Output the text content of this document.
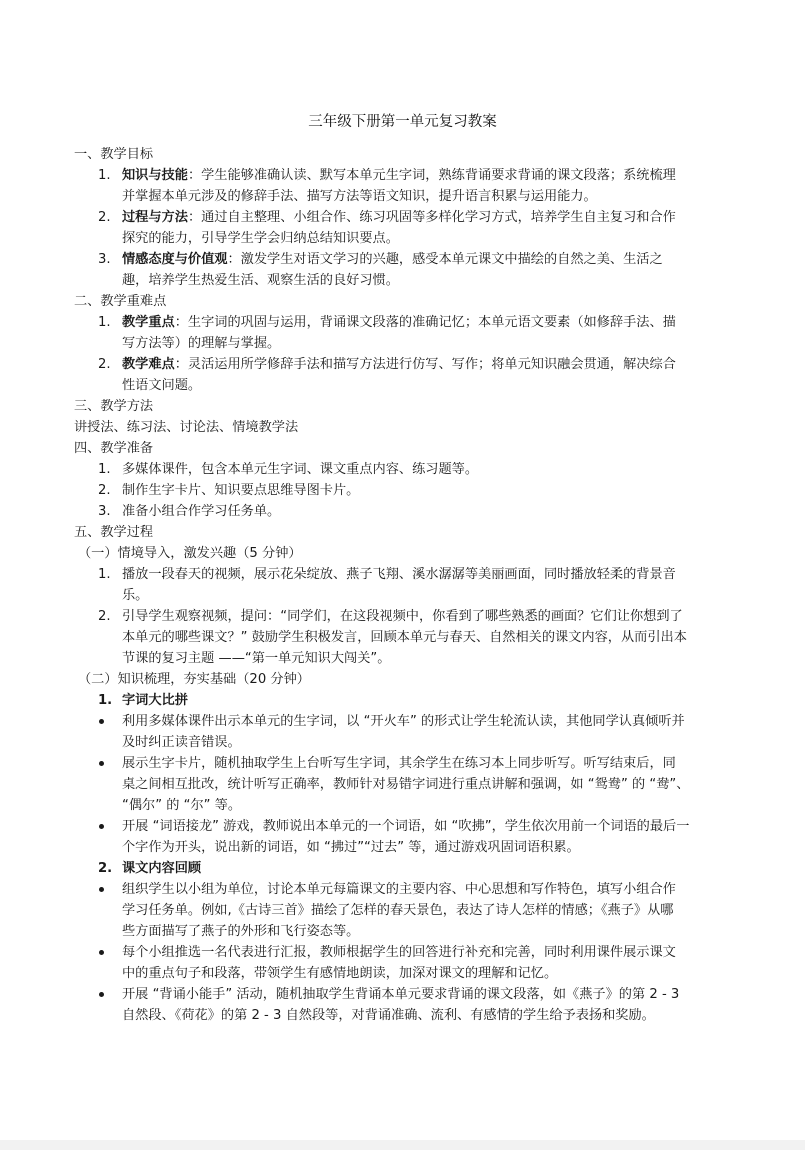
三年级下册第一单元复习教案
一、教学目标
1. 知识与技能：学生能够准确认读、默写本单元生字词，熟练背诵要求背诵的课文段落；系统梳理
并掌握本单元涉及的修辞手法、描写方法等语文知识，提升语言积累与运用能力。
2. 过程与方法：通过自主整理、小组合作、练习巩固等多样化学习方式，培养学生自主复习和合作
探究的能力，引导学生学会归纳总结知识要点。
3. 情感态度与价值观：激发学生对语文学习的兴趣，感受本单元课文中描绘的自然之美、生活之
趣，培养学生热爱生活、观察生活的良好习惯。
二、教学重难点
1. 教学重点：生字词的巩固与运用，背诵课文段落的准确记忆；本单元语文要素（如修辞手法、描
写方法等）的理解与掌握。
2. 教学难点：灵活运用所学修辞手法和描写方法进行仿写、写作；将单元知识融会贯通，解决综合
性语文问题。
三、教学方法
讲授法、练习法、讨论法、情境教学法
四、教学准备
1. 多媒体课件，包含本单元生字词、课文重点内容、练习题等。
2. 制作生字卡片、知识要点思维导图卡片。
3. 准备小组合作学习任务单。
五、教学过程
（一）情境导入，激发兴趣（5 分钟）
1. 播放一段春天的视频，展示花朵绽放、燕子飞翔、溪水潺潺等美丽画面，同时播放轻柔的背景音
乐。
2. 引导学生观察视频，提问：“同学们，在这段视频中，你看到了哪些熟悉的画面？它们让你想到了
本单元的哪些课文？” 鼓励学生积极发言，回顾本单元与春天、自然相关的课文内容，从而引出本
节课的复习主题 ——“第一单元知识大闯关”。
（二）知识梳理，夯实基础（20 分钟）
1. 字词大比拼
利用多媒体课件出示本单元的生字词，以 “开火车” 的形式让学生轮流认读，其他同学认真倾听并
及时纠正读音错误。
展示生字卡片，随机抽取学生上台听写生字词，其余学生在练习本上同步听写。听写结束后，同
桌之间相互批改，统计听写正确率，教师针对易错字词进行重点讲解和强调，如 “鸳鸯” 的 “鸯”、
“偶尔” 的 “尔” 等。
开展 “词语接龙” 游戏，教师说出本单元的一个词语，如 “吹拂”，学生依次用前一个词语的最后一
个字作为开头，说出新的词语，如 “拂过”“过去” 等，通过游戏巩固词语积累。
2. 课文内容回顾
组织学生以小组为单位，讨论本单元每篇课文的主要内容、中心思想和写作特色，填写小组合作
学习任务单。例如,《古诗三首》描绘了怎样的春天景色，表达了诗人怎样的情感；《燕子》从哪
些方面描写了燕子的外形和飞行姿态等。
每个小组推选一名代表进行汇报，教师根据学生的回答进行补充和完善，同时利用课件展示课文
中的重点句子和段落，带领学生有感情地朗读，加深对课文的理解和记忆。
开展 “背诵小能手” 活动，随机抽取学生背诵本单元要求背诵的课文段落，如《燕子》的第 2 - 3
自然段、《荷花》的第 2 - 3 自然段等，对背诵准确、流利、有感情的学生给予表扬和奖励。
